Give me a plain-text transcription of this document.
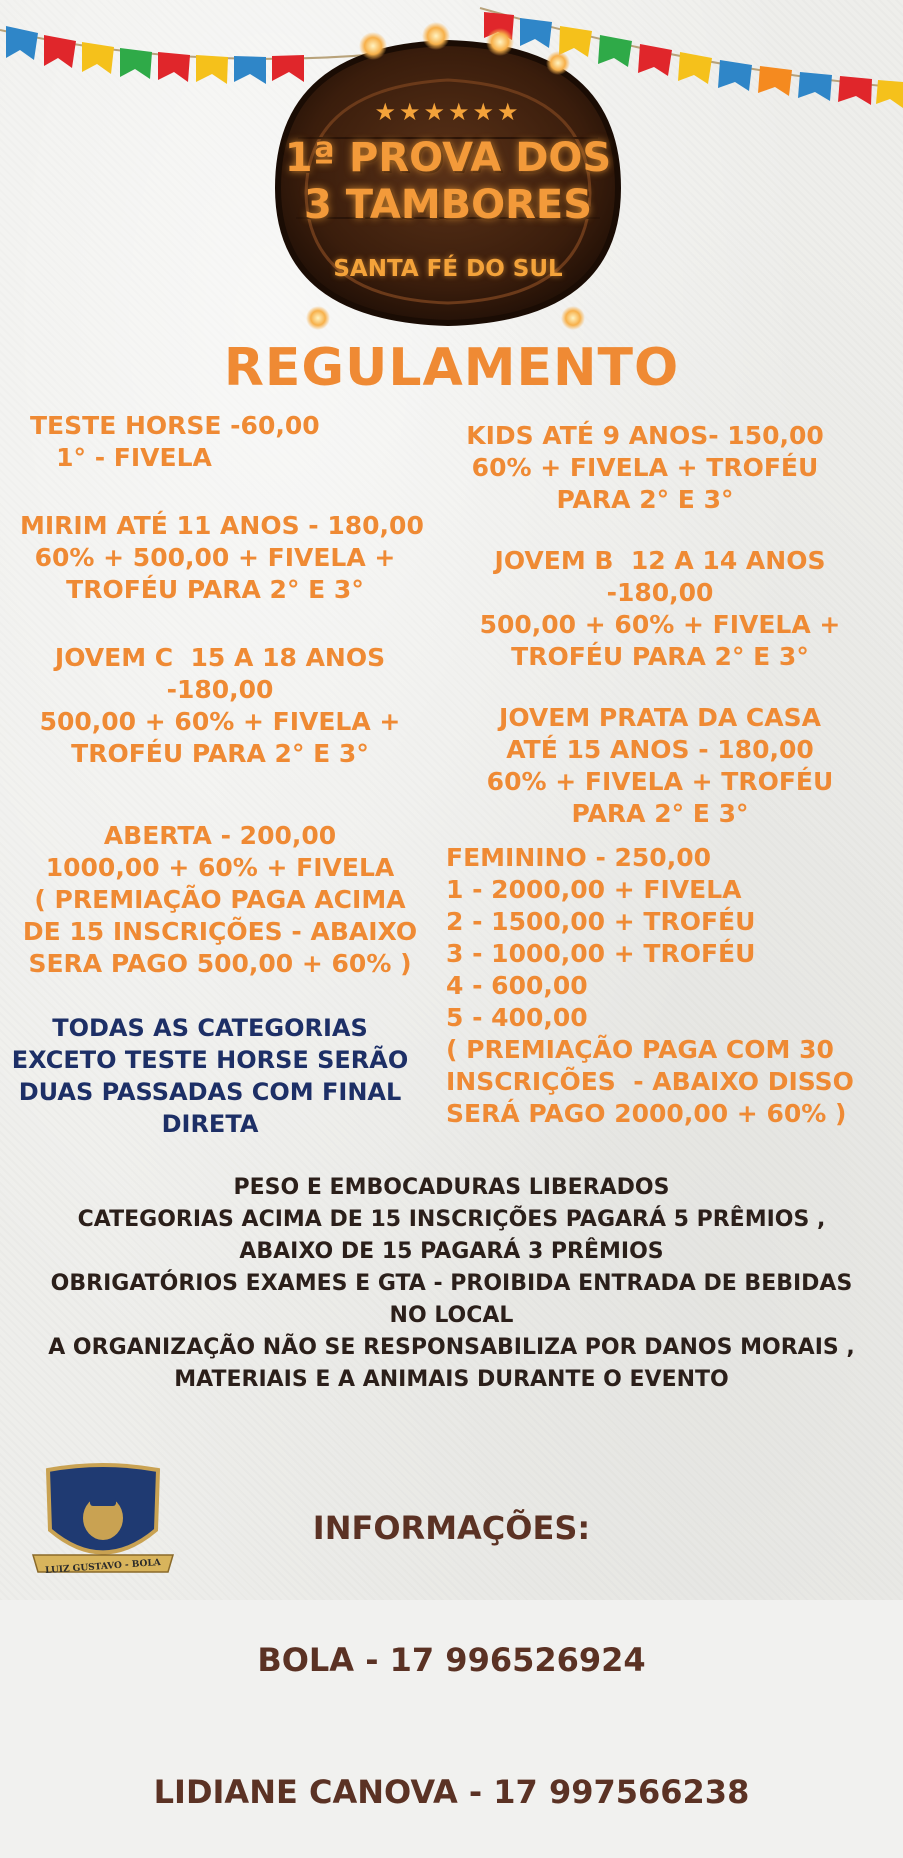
★★★★★★
1ª PROVA DOS
3 TAMBORES
SANTA FÉ DO SUL
REGULAMENTO
TESTE HORSE -60,00
1° - FIVELA
MIRIM ATÉ 11 ANOS - 180,00
60% + 500,00 + FIVELA +
TROFÉU PARA 2° E 3°
JOVEM C  15 A 18 ANOS
-180,00
500,00 + 60% + FIVELA +
TROFÉU PARA 2° E 3°
ABERTA - 200,00
1000,00 + 60% + FIVELA
( PREMIAÇÃO PAGA ACIMA
DE 15 INSCRIÇÕES - ABAIXO
SERA PAGO 500,00 + 60% )
TODAS AS CATEGORIAS
EXCETO TESTE HORSE SERÃO
DUAS PASSADAS COM FINAL
DIRETA
KIDS ATÉ 9 ANOS- 150,00
60% + FIVELA + TROFÉU
PARA 2° E 3°
JOVEM B  12 A 14 ANOS
-180,00
500,00 + 60% + FIVELA +
TROFÉU PARA 2° E 3°
JOVEM PRATA DA CASA
ATÉ 15 ANOS - 180,00
60% + FIVELA + TROFÉU
PARA 2° E 3°
FEMININO - 250,00
1 - 2000,00 + FIVELA
2 - 1500,00 + TROFÉU
3 - 1000,00 + TROFÉU
4 - 600,00
5 - 400,00
( PREMIAÇÃO PAGA COM 30
INSCRIÇÕES  - ABAIXO DISSO
SERÁ PAGO 2000,00 + 60% )
PESO E EMBOCADURAS LIBERADOS
CATEGORIAS ACIMA DE 15 INSCRIÇÕES PAGARÁ 5 PRÊMIOS ,
ABAIXO DE 15 PAGARÁ 3 PRÊMIOS
OBRIGATÓRIOS EXAMES E GTA - PROIBIDA ENTRADA DE BEBIDAS
NO LOCAL
A ORGANIZAÇÃO NÃO SE RESPONSABILIZA POR DANOS MORAIS ,
MATERIAIS E A ANIMAIS DURANTE O EVENTO

INFORMAÇÕES:

BOLA - 17 996526924

LIDIANE CANOVA - 17 997566238

LUIZ GUSTAVO - BOLA
